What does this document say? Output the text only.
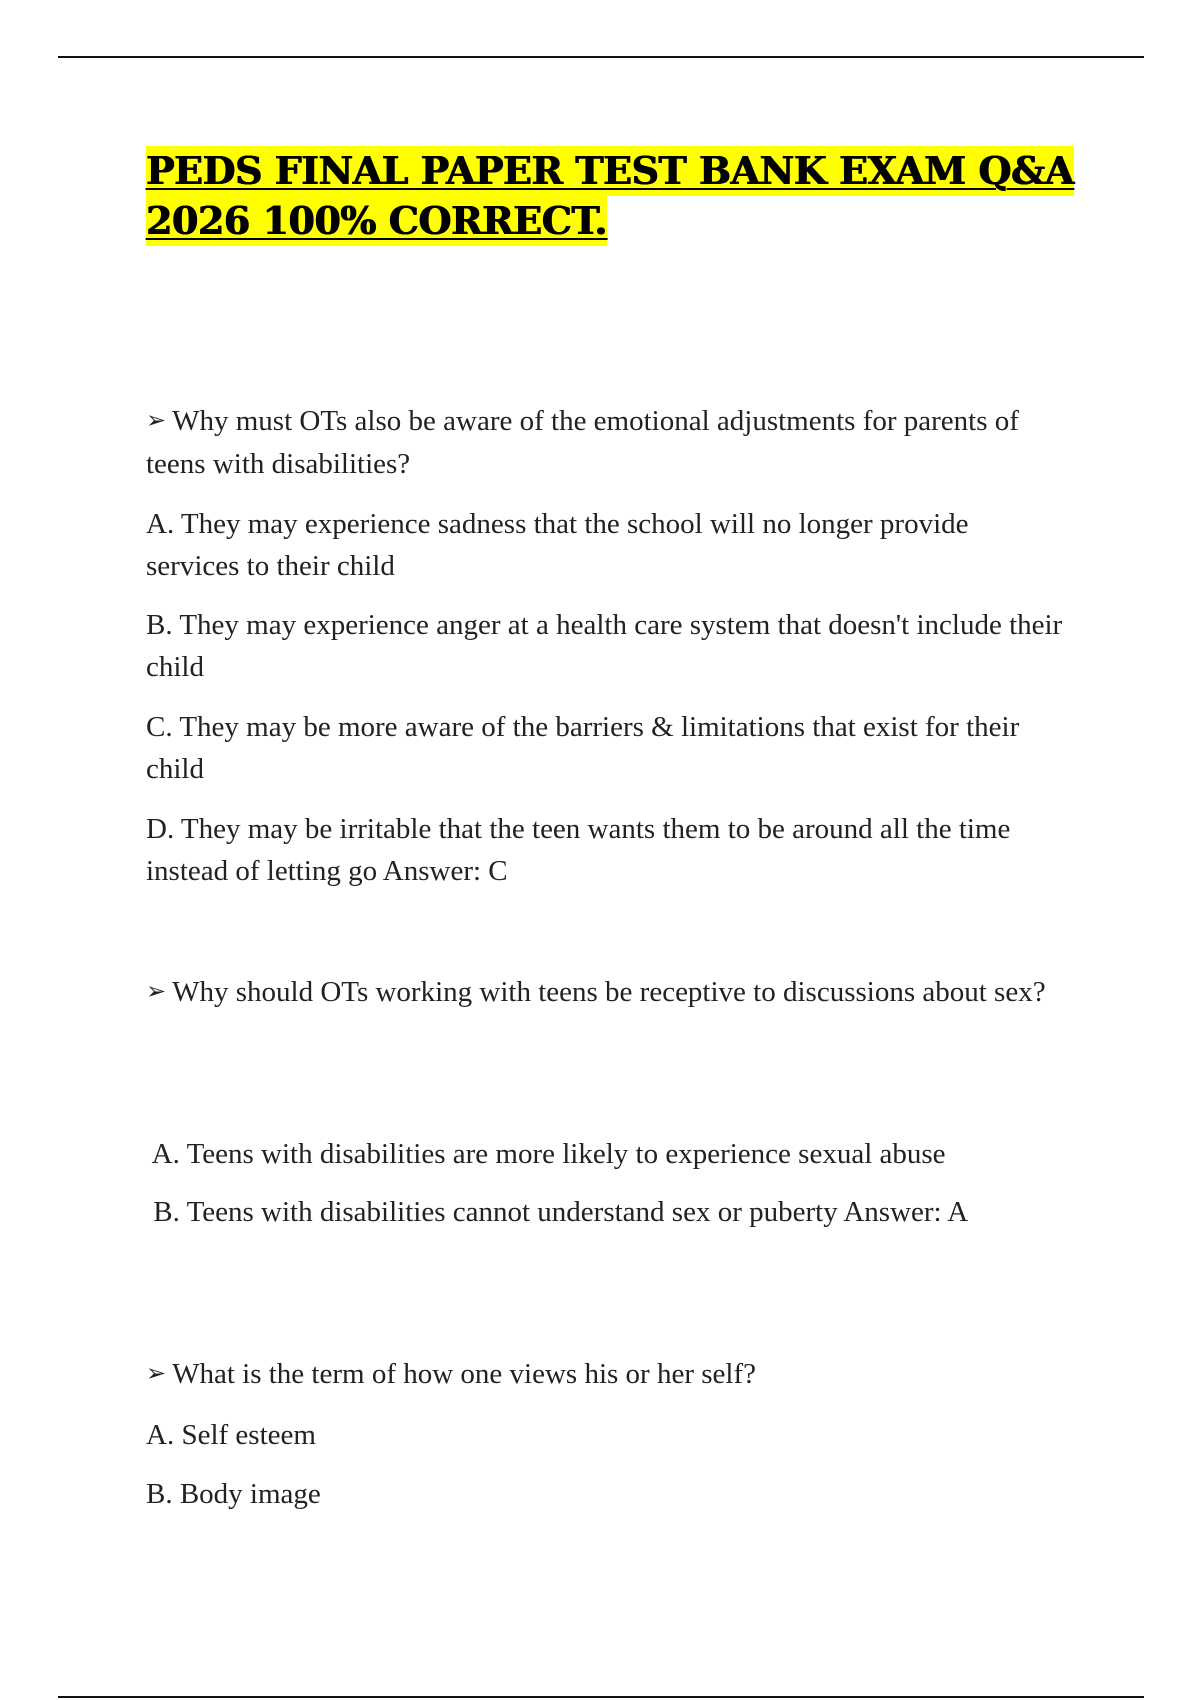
PEDS FINAL PAPER TEST BANK EXAM Q&A
2026 100% CORRECT.

➢ Why must OTs also be aware of the emotional adjustments for parents of teens with disabilities?

A. They may experience sadness that the school will no longer provide services to their child

B. They may experience anger at a health care system that doesn't include their child

C. They may be more aware of the barriers & limitations that exist for their child

D. They may be irritable that the teen wants them to be around all the time instead of letting go Answer: C

➢ Why should OTs working with teens be receptive to discussions about sex?

A. Teens with disabilities are more likely to experience sexual abuse

B. Teens with disabilities cannot understand sex or puberty Answer: A

➢ What is the term of how one views his or her self?

A. Self esteem

B. Body image
